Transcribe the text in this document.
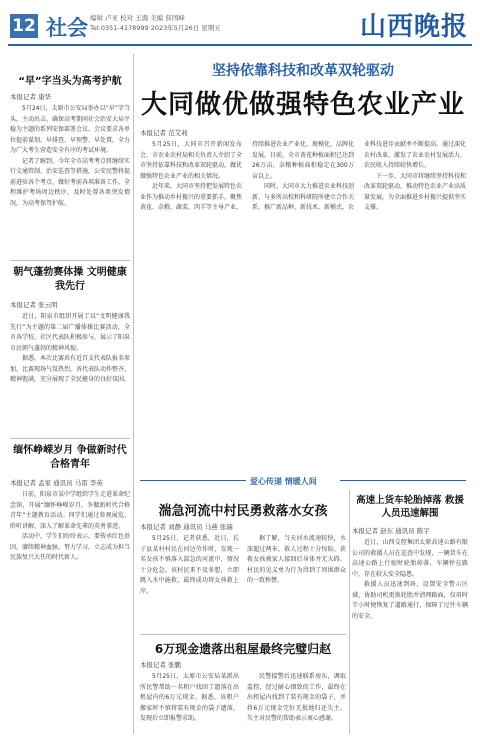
12 社会 编辑 卢亚 校对 王源 美编 薛国峰
Tel:0351-4178999 2023年5月26日 星期五	山西晚报
“早”字当头为高考护航
本报记者 康华

5月24日，太原市公安局举办以“早”字当头，主动出击，确保高考期间社会治安大局平稳为主题的系列安保部署会议。会议要求各单位提前谋划，早排查、早预警、早处置，全力为广大考生营造安全有序的考试环境。

记者了解到，今年全市高考考点将继续实行交通管制、治安巡查等措施，公安民警将提前进驻各个考点，做好考前各项准备工作，全程维护考场周边秩序，及时处置各类突发情况，为高考保驾护航。

朝气蓬勃赛体操 文明健康我先行
本报记者 张云明

近日，阳泉市组织开展了以“文明健康我先行”为主题的第二届广播体操比赛活动，全市各学校、社区代表队积极参与，展示了阳泉市民朝气蓬勃的精神风貌。

据悉，本次比赛共有近百支代表队报名参加，比赛现场气氛热烈，各代表队动作整齐、精神饱满，充分展现了全民健身的良好氛围。

缅怀峥嵘岁月 争做新时代合格青年
本报记者 孟家 通讯员 马雷 李英

日前，阳泉市某中学组织学生走进革命纪念馆，开展“缅怀峥嵘岁月，争做新时代合格青年”主题教育活动。同学们通过参观展览、聆听讲解，深入了解革命先辈的英勇事迹。

活动中，学生们纷纷表示，要传承红色基因，赓续精神血脉，努力学习，立志成为担当民族复兴大任的时代新人。

坚持依靠科技和改革双轮驱动
大同做优做强特色农业产业
本报记者 范艾莉

5月25日，大同市召开新闻发布会，市农业农村局相关负责人介绍了全市坚持依靠科技和改革双轮驱动，做优做强特色农业产业的相关情况。

近年来，大同市坚持把发展特色农业作为推动乡村振兴的重要抓手，聚焦黄花、杂粮、蔬菜、肉羊等主导产业，持续推进农业产业化、规模化、品牌化发展。目前，全市黄花种植面积已达到26万亩，杂粮种植面积稳定在300万亩以上。

同时，大同市大力推进农业科技创新，与多所高校和科研院所建立合作关系，推广新品种、新技术、新模式，农业科技进步贡献率不断提高。通过深化农村改革，激发了农业农村发展活力，农民收入持续较快增长。

下一步，大同市将继续坚持科技和改革双轮驱动，推动特色农业产业高质量发展，为全面推进乡村振兴提供坚实支撑。

爱心传递 情暖人间
湍急河流中村民勇救落水女孩
本报记者 刘静 通讯员 马燕 张瑞

5月25日，记者获悉，近日，长子县某村村民在河边劳作时，发现一名女孩不慎落入湍急的河流中，情况十分危急。该村民来不及多想，立即跳入水中施救，最终成功将女孩救上岸。

据了解，当天河水流速较快，水深超过两米，救人过程十分惊险。获救女孩被家人接回后身体并无大碍。村民的见义勇为行为得到了周围群众的一致称赞。

高速上货车轮胎掉落 救援人员迅速解围
本报记者 赵东 通讯员 陈宇

近日，山西交控集团太原高速公路有限公司的救援人员在巡查中发现，一辆货车在高速公路上行驶时轮胎掉落，车辆停在路中，存在较大安全隐患。

救援人员迅速到场，设置安全警示区域，协助司机更换轮胎并清理路面，仅用时半小时便恢复了道路通行，保障了过往车辆的安全。

6万现金遗落出租屋最终完璧归赵
本报记者 张鹏

5月25日，太原市公安局某派出所民警帮助一名租户找回了遗落在出租屋内的6万元现金。据悉，该租户搬家时不慎将装有现金的袋子遗落，发现后立即报警求助。

民警接警后迅速联系房东，调取监控，经过耐心细致的工作，最终在出租屋内找到了装有现金的袋子，并将6万元现金完好无损地归还失主。失主对民警的帮助表示衷心感谢。
